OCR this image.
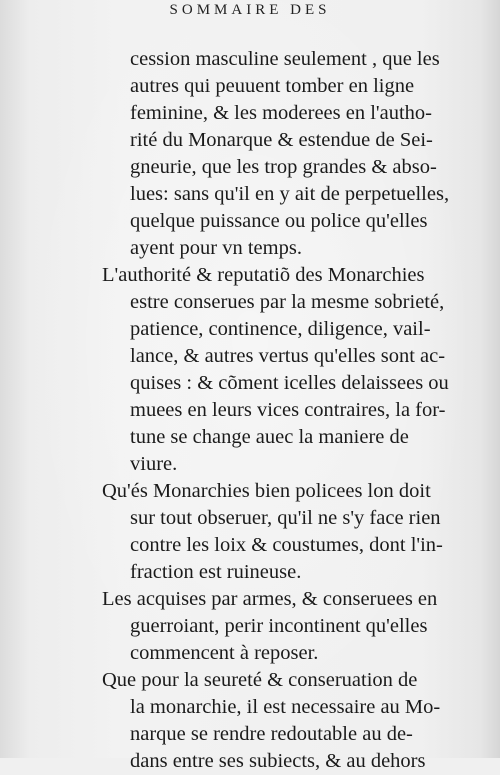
SOMMAIRE DES
cession masculine seulement , que les
autres qui peuuent tomber en ligne
feminine, & les moderees en l'autho-
rité du Monarque & estendue de Sei-
gneurie, que les trop grandes & abso-
lues: sans qu'il en y ait de perpetuelles,
quelque puissance ou police qu'elles
ayent pour vn temps.
L'authorité & reputatiõ des Monarchies
estre conserues par la mesme sobrieté,
patience, continence, diligence, vail-
lance, & autres vertus qu'elles sont ac-
quises : & cõment icelles delaissees ou
muees en leurs vices contraires, la for-
tune se change auec la maniere de
viure.
Qu'és Monarchies bien policees lon doit
sur tout obseruer, qu'il ne s'y face rien
contre les loix & coustumes, dont l'in-
fraction est ruineuse.
Les acquises par armes, & conseruees en
guerroiant, perir incontinent qu'elles
commencent à reposer.
Que pour la seureté & conseruation de
la monarchie, il est necessaire au Mo-
narque se rendre redoutable au de-
dans entre ses subiects, & au dehors
